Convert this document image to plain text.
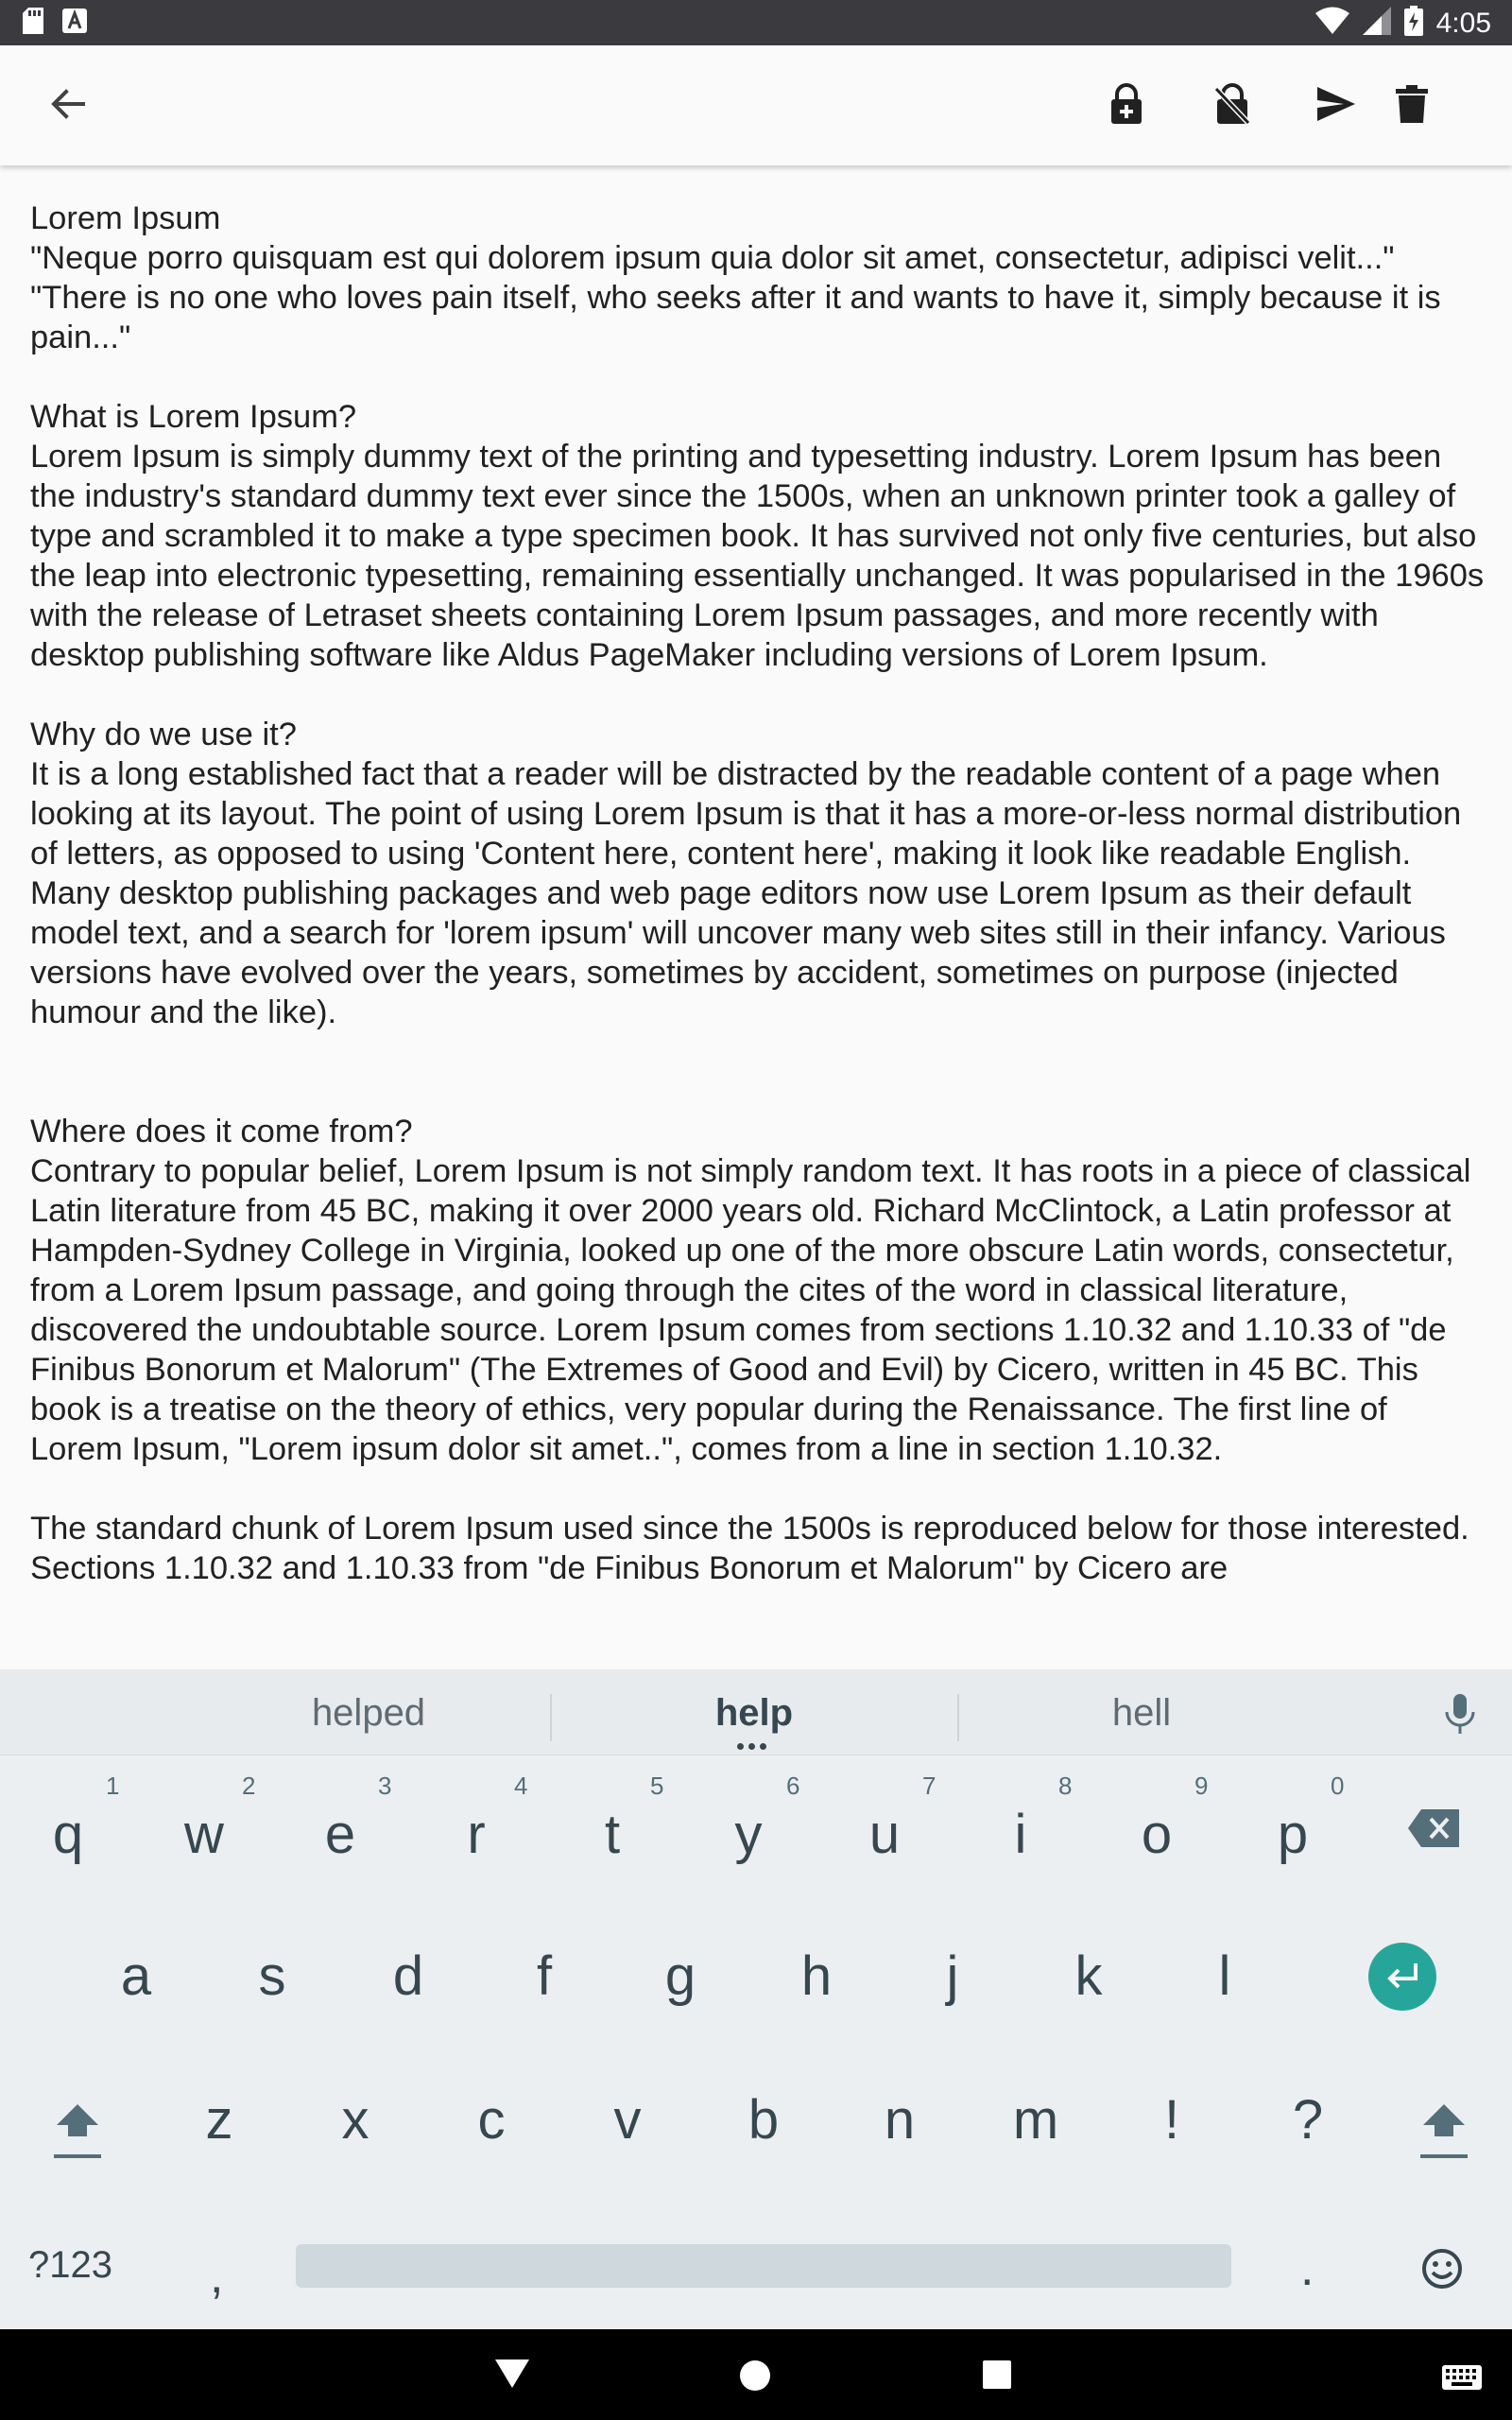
4:05
Lorem Ipsum
"Neque porro quisquam est qui dolorem ipsum quia dolor sit amet, consectetur, adipisci velit..."
"There is no one who loves pain itself, who seeks after it and wants to have it, simply because it is pain..."

What is Lorem Ipsum?
Lorem Ipsum is simply dummy text of the printing and typesetting industry. Lorem Ipsum has been the industry's standard dummy text ever since the 1500s, when an unknown printer took a galley of type and scrambled it to make a type specimen book. It has survived not only five centuries, but also the leap into electronic typesetting, remaining essentially unchanged. It was popularised in the 1960s with the release of Letraset sheets containing Lorem Ipsum passages, and more recently with desktop publishing software like Aldus PageMaker including versions of Lorem Ipsum.

Why do we use it?
It is a long established fact that a reader will be distracted by the readable content of a page when looking at its layout. The point of using Lorem Ipsum is that it has a more-or-less normal distribution of letters, as opposed to using 'Content here, content here', making it look like readable English. Many desktop publishing packages and web page editors now use Lorem Ipsum as their default model text, and a search for 'lorem ipsum' will uncover many web sites still in their infancy. Various versions have evolved over the years, sometimes by accident, sometimes on purpose (injected humour and the like).

Where does it come from?
Contrary to popular belief, Lorem Ipsum is not simply random text. It has roots in a piece of classical Latin literature from 45 BC, making it over 2000 years old. Richard McClintock, a Latin professor at Hampden-Sydney College in Virginia, looked up one of the more obscure Latin words, consectetur, from a Lorem Ipsum passage, and going through the cites of the word in classical literature, discovered the undoubtable source. Lorem Ipsum comes from sections 1.10.32 and 1.10.33 of "de Finibus Bonorum et Malorum" (The Extremes of Good and Evil) by Cicero, written in 45 BC. This book is a treatise on the theory of ethics, very popular during the Renaissance. The first line of Lorem Ipsum, "Lorem ipsum dolor sit amet..", comes from a line in section 1.10.32.

The standard chunk of Lorem Ipsum used since the 1500s is reproduced below for those interested. Sections 1.10.32 and 1.10.33 from "de Finibus Bonorum et Malorum" by Cicero are
helped	help	hell
q
1
w
2
e
3
r
4
t
5
y
6
u
7
i
8
o
9
p
0
a	s	d	f	g	h	j	k	l
z	x	c	v	b	n	m	!	?
?123 ,	.
